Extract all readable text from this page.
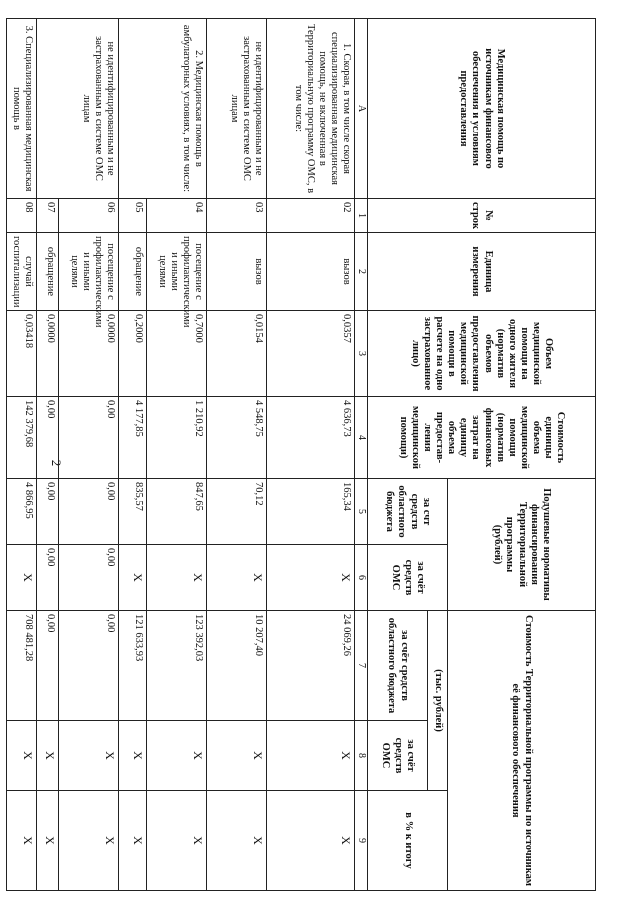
2
Медицинская помощь по источникам финансового обеспечения и условиям предоставления	№ строк	Единица измерения	Объем медицинской помощи на одного жителя (норматив объемов предоставления медицинской помощи в расчете на одно застрахованное лицо)	Стоимость единицы объема медицинской помощи (норматив финансовых затрат на единицу объема предостав-ления медицинской помощи)	Подушевые нормативы финансирования Территориальной программы
(рублей)		Стоимость Территориальной программы по источникам её финансового обеспечения		
					за счт средств областного бюджета	за счёт средств ОМС	(тыс. рублей)		в % к итогу
							за счёт средств областного бюджета	за счёт средств ОМС	
А	1	2	3	4	5	6	7	8	9
1. Скорая, в том числе скорая специализированная медицинская помощь, не включенная в Территориальную программу ОМС, в том числе:	02	вызов	0,0357	4 636,73	165,34	X	24 069,26	X	X
не идентифицированным и не застрахованным в системе ОМС лицам	03	вызов	0,0154	4 548,75	70,12	X	10 207,40	X	X
2. Медицинская помощь в амбулаторных условиях, в том числе:	04	посещение с профилактическими и иными целями	0,7000	1 210,92	847,65	X	123 392,03	X	X
	05	обращение	0,2000	4 177,85	835,57	X	121 633,93	X	X
не идентифицированным и не застрахованным в системе ОМС лицам	06	посещение с профилактическими и иными целями	0,0000	0,00	0,00	0,00	0,00	X	X
	07	обращение	0,0000	0,00	0,00	0,00	0,00	X	X
3. Специализированная медицинская помощь в	08	случай госпитализации	0,03418	142 379,68	4 866,95	X	708 481,28	X	X
